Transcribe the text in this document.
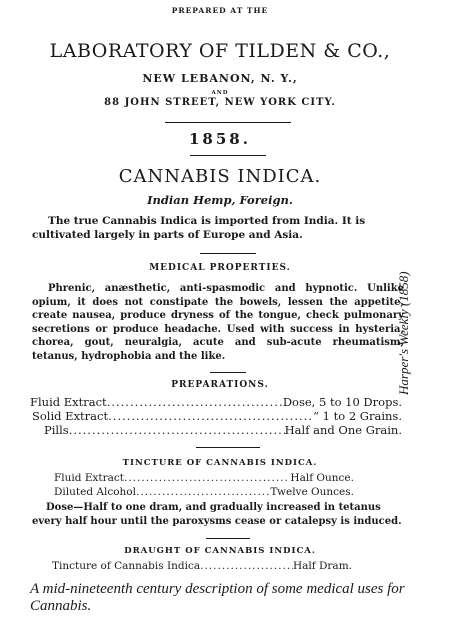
PREPARED AT THE
LABORATORY OF TILDEN & CO.,
NEW LEBANON, N. Y.,
AND
88 JOHN STREET, NEW YORK CITY.
1858.
CANNABIS INDICA.
Indian Hemp, Foreign.
The true Cannabis Indica is imported from India. It is cultivated largely in parts of Europe and Asia.
MEDICAL PROPERTIES.
Phrenic, anæsthetic, anti-spasmodic and hypnotic. Unlike opium, it does not constipate the bowels, lessen the appetite, create nausea, produce dryness of the tongue, check pulmonary secretions or produce headache. Used with success in hysteria, chorea, gout, neuralgia, acute and sub-acute rheumatism, tetanus, hydrophobia and the like.
PREPARATIONS.
Fluid Extract .....	Dose, 5 to 10 Drops.
Solid Extract .....	“ 1 to 2 Grains.
Pills .....	Half and One Grain.
TINCTURE OF CANNABIS INDICA.
Fluid Extract .....	Half Ounce.
Diluted Alcohol .....	Twelve Ounces.
Dose—Half to one dram, and gradually increased in tetanus every half hour until the paroxysms cease or catalepsy is induced.
DRAUGHT OF CANNABIS INDICA.
Tincture of Cannabis Indica .....	Half Dram.
Harper's Weekly (1858)
A mid-nineteenth century description of some medical uses for Cannabis.
